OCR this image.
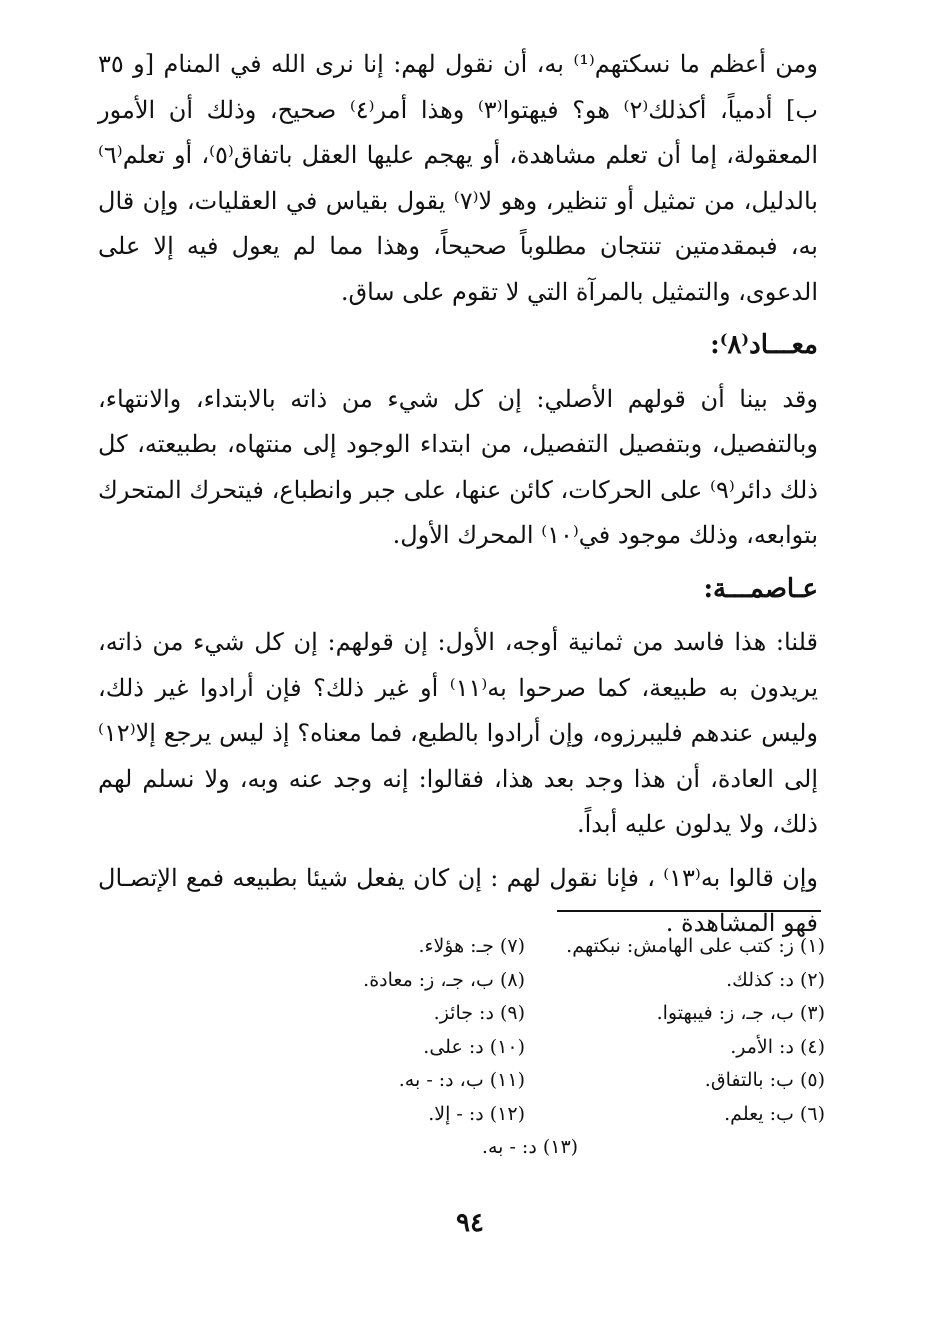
ومن أعظم ما نسكتهم⁽¹⁾ به، أن نقول لهم: إنا نرى الله في المنام [و ٣٥ ب] أدمياً، أكذلك⁽٢⁾ هو؟ فيهتوا⁽٣⁾ وهذا أمر⁽٤⁾ صحيح، وذلك أن الأمور المعقولة، إما أن تعلم مشاهدة، أو يهجم عليها العقل باتفاق⁽٥⁾، أو تعلم⁽٦⁾ بالدليل، من تمثيل أو تنظير، وهو لا⁽٧⁾ يقول بقياس في العقليات، وإن قال به، فبمقدمتين تنتجان مطلوباً صحيحاً، وهذا مما لم يعول فيه إلا على الدعوى، والتمثيل بالمرآة التي لا تقوم على ساق.

معـــاد⁽٨⁾:

وقد بينا أن قولهم الأصلي: إن كل شيء من ذاته بالابتداء، والانتهاء، وبالتفصيل، وبتفصيل التفصيل، من ابتداء الوجود إلى منتهاه، بطبيعته، كل ذلك دائر⁽٩⁾ على الحركات، كائن عنها، على جبر وانطباع، فيتحرك المتحرك بتوابعه، وذلك موجود في⁽١٠⁾ المحرك الأول.

عـاصمـــة:

قلنا: هذا فاسد من ثمانية أوجه، الأول: إن قولهم: إن كل شيء من ذاته، يريدون به طبيعة، كما صرحوا به⁽١١⁾ أو غير ذلك؟ فإن أرادوا غير ذلك، وليس عندهم فليبرزوه، وإن أرادوا بالطبع، فما معناه؟ إذ ليس يرجع إلا⁽١٢⁾ إلى العادة، أن هذا وجد بعد هذا، فقالوا: إنه وجد عنه وبه، ولا نسلم لهم ذلك، ولا يدلون عليه أبداً.

وإن قالوا به⁽١٣⁾ ، فإنا نقول لهم : إن كان يفعل شيئا بطبيعه فمع الإتصـال فهو المشاهدة .

(١) ز: كتب على الهامش: نبكتهم.
(٢) د: كذلك.
(٣) ب، جـ، ز: فيبهتوا.
(٤) د: الأمر.
(٥) ب: بالتفاق.
(٦) ب: يعلم.
(٧) جـ: هؤلاء.
(٨) ب، جـ، ز: معادة.
(٩) د: جائز.
(١٠) د: على.
(١١) ب، د: - به.
(١٢) د: - إلا.
(١٣) د: - به.
٩٤
